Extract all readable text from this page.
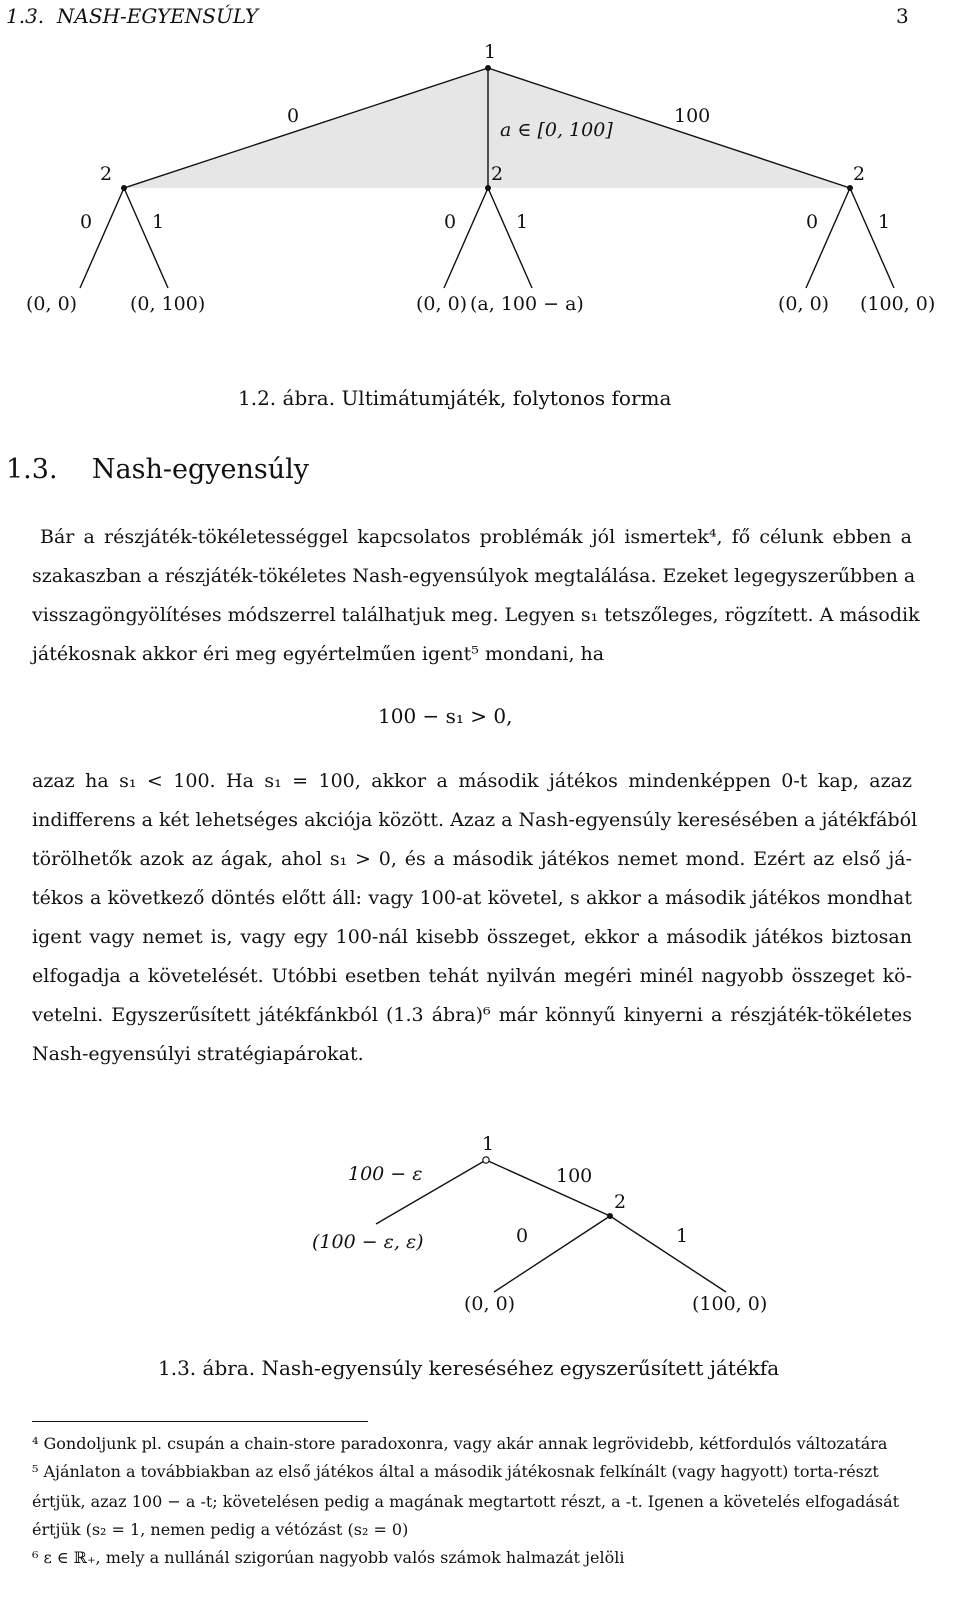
1.3. NASH-EGYENSÚLY	3
1
0
a ∈ [0, 100]
100
2	2	2
0	1	0	1	0	1
(0, 0)	(0, 100)	(0, 0) (a, 100 − a)	(0, 0) (100, 0)
1.2. ábra. Ultimátumjáték, folytonos forma
1.3. Nash-egyensúly
Bár a részjáték-tökéletességgel kapcsolatos problémák jól ismertek⁴, fő célunk ebben a
szakaszban a részjáték-tökéletes Nash-egyensúlyok megtalálása. Ezeket legegyszerűbben a
visszagöngyölítéses módszerrel találhatjuk meg. Legyen s₁ tetszőleges, rögzített. A második
játékosnak akkor éri meg egyértelműen igent⁵ mondani, ha
100 − s₁ > 0,
azaz ha s₁ < 100. Ha s₁ = 100, akkor a második játékos mindenképpen 0-t kap, azaz
indifferens a két lehetséges akciója között. Azaz a Nash-egyensúly keresésében a játékfából
törölhetők azok az ágak, ahol s₁ > 0, és a második játékos nemet mond. Ezért az első já-
tékos a következő döntés előtt áll: vagy 100-at követel, s akkor a második játékos mondhat
igent vagy nemet is, vagy egy 100-nál kisebb összeget, ekkor a második játékos biztosan
elfogadja a követelését. Utóbbi esetben tehát nyilván megéri minél nagyobb összeget kö-
vetelni. Egyszerűsített játékfánkból (1.3 ábra)⁶ már könnyű kinyerni a részjáték-tökéletes
Nash-egyensúlyi stratégiapárokat.
1
100 − ε	100
(100 − ε, ε)
2
0	1
(0, 0)	(100, 0)
1.3. ábra. Nash-egyensúly kereséséhez egyszerűsített játékfa
⁴ Gondoljunk pl. csupán a chain-store paradoxonra, vagy akár annak legrövidebb, kétfordulós változatára
⁵ Ajánlaton a továbbiakban az első játékos által a második játékosnak felkínált (vagy hagyott) torta-részt
értjük, azaz 100 − a -t; követelésen pedig a magának megtartott részt, a -t. Igenen a követelés elfogadását
értjük (s₂ = 1, nemen pedig a vétózást (s₂ = 0)
⁶ ε ∈ ℝ₊, mely a nullánál szigorúan nagyobb valós számok halmazát jelöli
